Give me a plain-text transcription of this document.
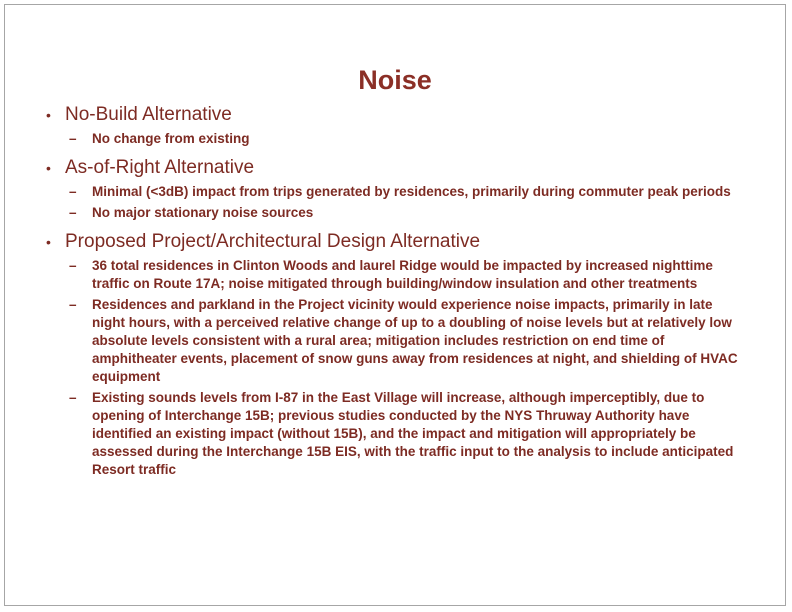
Noise
• No-Build Alternative
–	No change from existing
• As-of-Right Alternative
–	Minimal (<3dB) impact from trips generated by residences, primarily during commuter peak periods
–	No major stationary noise sources
• Proposed Project/Architectural Design Alternative
–	36 total residences in Clinton Woods and laurel Ridge would be impacted by increased nighttime traffic on Route 17A; noise mitigated through building/window insulation and other treatments
–	Residences and parkland in the Project vicinity would experience noise impacts, primarily in late night hours, with a perceived relative change of up to a doubling of noise levels but at relatively low absolute levels consistent with a rural area; mitigation includes restriction on end time of amphitheater events, placement of snow guns away from residences at night, and shielding of HVAC equipment
–	Existing sounds levels from I-87 in the East Village will increase, although imperceptibly, due to opening of Interchange 15B; previous studies conducted by the NYS Thruway Authority have identified an existing impact (without 15B), and the impact and mitigation will appropriately be assessed during the Interchange 15B EIS, with the traffic input to the analysis to include anticipated Resort traffic
